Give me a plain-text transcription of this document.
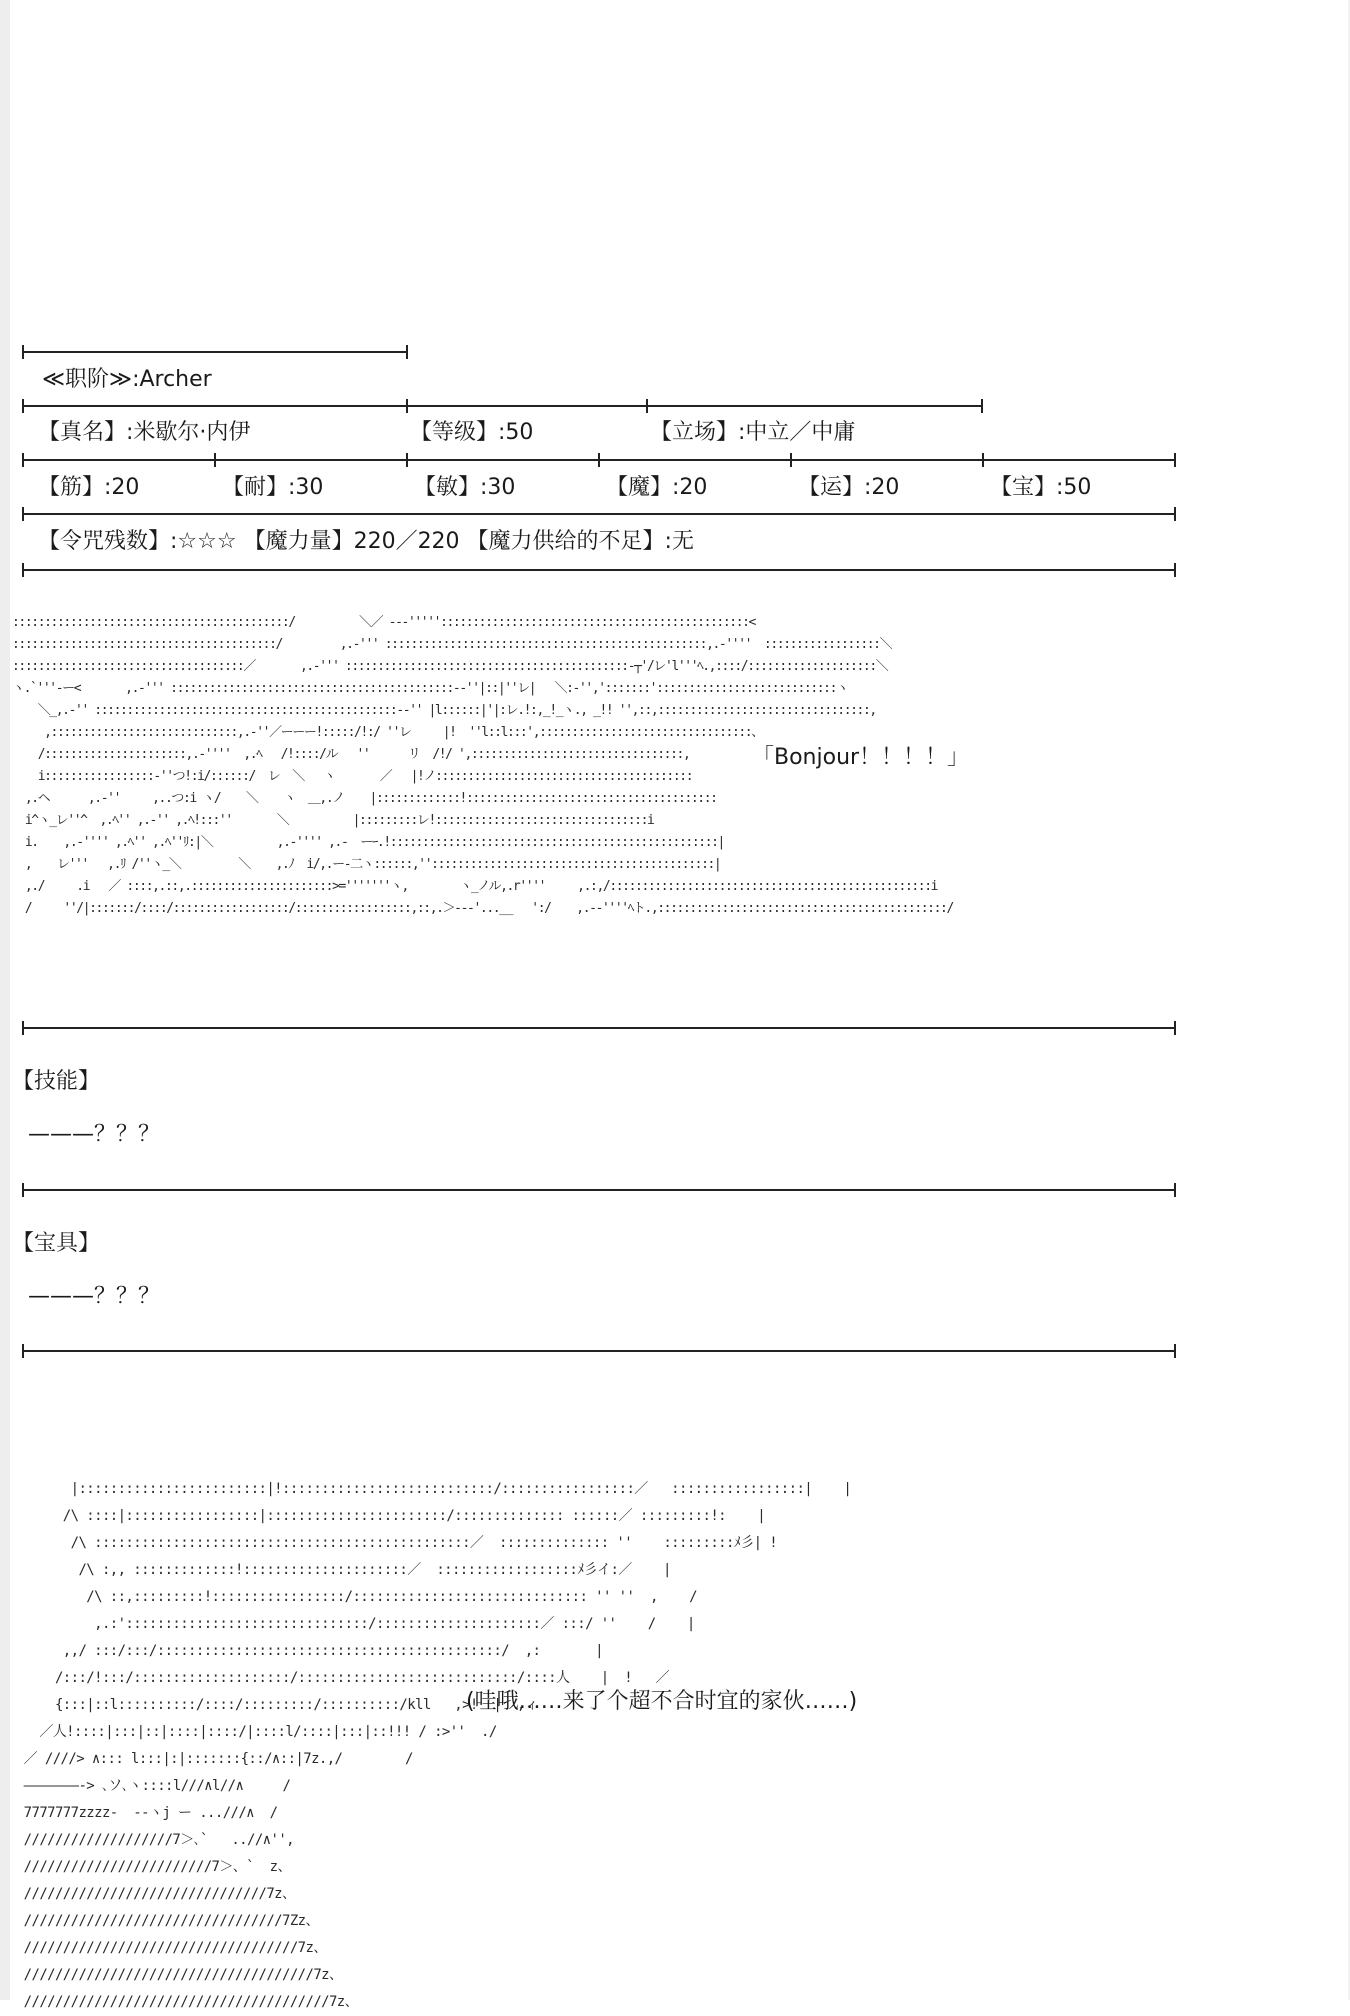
≪职阶≫:Archer
【真名】:米歇尔·内伊	【等级】:50	【立场】:中立／中庸
【筋】:20	【耐】:30	【敏】:30	【魔】:20	【运】:20	【宝】:50
【令咒残数】:☆☆☆ 【魔力量】220／220 【魔力供给的不足】:无
:::::::::::::::::::::::::::::::::::::::::::/          ＼／ ‐-‐'''''::::::::::::::::::::::::::::::::::::::::::::::::<
:::::::::::::::::::::::::::::::::::::::::/         ,.-''' ::::::::::::::::::::::::::::::::::::::::::::::::::,.-''''  ::::::::::::::::::＼
::::::::::::::::::::::::::::::::::::／       ,.-''' ::::::::::::::::::::::::::::::::::::::::::::-┬'/レ'l'''ﾍ.,::::/::::::::::::::::::::＼
ヽ.`'''‐ー<       ,.-''' ::::::::::::::::::::::::::::::::::::::::::::-‐''|::|''レ|   ＼:‐'',':::::::'::::::::::::::::::::::::::::ヽ
＼_,.-'' :::::::::::::::::::::::::::::::::::::::::::::::-‐'' |l::::::|'|:レ.!:,_!_ヽ., _!! '',::,:::::::::::::::::::::::::::::::::,
,:::::::::::::::::::::::::::::,.-''／ーーー!:::::/!:/ ''レ     |!  ''l::l:::',:::::::::::::::::::::::::::::::::、
/::::::::::::::::::::::,.-''''  ,.ﾍ   /!::::/ル   ''      リ  /!/ ',:::::::::::::::::::::::::::::::::,
i:::::::::::::::::‐''つ!:i/::::::/  レ  ＼   ヽ       ／   |!ノ::::::::::::::::::::::::::::::::::::::::
,.ヘ      ,.-''     ,..つ:i ヽ/    ＼    ヽ  ＿,.ノ    |:::::::::::::!:::::::::::::::::::::::::::::::::::::::
i^ヽ_レ''^  ,.ﾍ'' ,.-'' ,.ﾍ!:::''       ＼          |:::::::::レ!:::::::::::::::::::::::::::::::::i
i.    ,.-'''' ,.ﾍ'' ,.ﾍ''ﾘ:|＼          ,.-'''' ,.-  ーｰ.!:::::::::::::::::::::::::::::::::::::::::::::::::::|
,    レ'''   ,.ﾘ /''ヽ_＼         ＼    ,.ﾉ  i/,.ー-二ヽ::::::,''::::::::::::::::::::::::::::::::::::::::::::|
,./     .i   ／ ::::,.::,.::::::::::::::::::::::>='''''''ヽ,        ヽ_ノル,.r''''     ,.:,/::::::::::::::::::::::::::::::::::::::::::::::::::i
/     ''/|:::::::/::::/::::::::::::::::::/::::::::::::::::::,::,.＞-‐-'...__   ':/    ,.-‐''''ﾍト.,:::::::::::::::::::::::::::::::::::::::::::::/
「Bonjour！！！！」
【技能】
———？？？
【宝具】
———？？？
|::::::::::::::::::::::::|!:::::::::::::::::::::::::::/:::::::::::::::::／   :::::::::::::::::|    |
/\ ::::|:::::::::::::::::|:::::::::::::::::::::::/:::::::::::::: ::::::／ :::::::::!:    |
/\ ::::::::::::::::::::::::::::::::::::::::::::::::／  :::::::::::::: ''    :::::::::ﾒ彡| !
/\ :,, :::::::::::::!:::::::::::::::::::::／  ::::::::::::::::::ﾒ彡イ:／    |
/\ ::,:::::::::!:::::::::::::::::/:::::::::::::::::::::::::::::: '' ''  ,    /
,.:':::::::::::::::::::::::::::::::/:::::::::::::::::::::／ :::/ ''    /    |
,,/ :::/:::/::::::::::::::::::::::::::::::::::::::::::::/  ,:       |
/:::/!:::/::::::::::::::::::::/::::::::::::::::::::::::::::/::::人    |  !   ／
{:::|::l::::::::::/::::/:::::::::/::::::::::/kll   ,>!  |  ,ィ
／人!::::|:::|::|::::|::::/|::::l/::::|:::|::!!! / :>''  ./
／ ////> ∧::: l:::|:|:::::::{::/∧::|7z.,/        /
―――――――-> ､ソ､ヽ::::l///∧l//∧     /
7777777zzzz-  --ヽj ー ...///∧  /
///////////////////7＞､`   ..//∧'',
////////////////////////7＞、`  z、
///////////////////////////////7z、
/////////////////////////////////7Zz、
///////////////////////////////////7z、
/////////////////////////////////////7z、
///////////////////////////////////////7z、
(哇哦……来了个超不合时宜的家伙……)
